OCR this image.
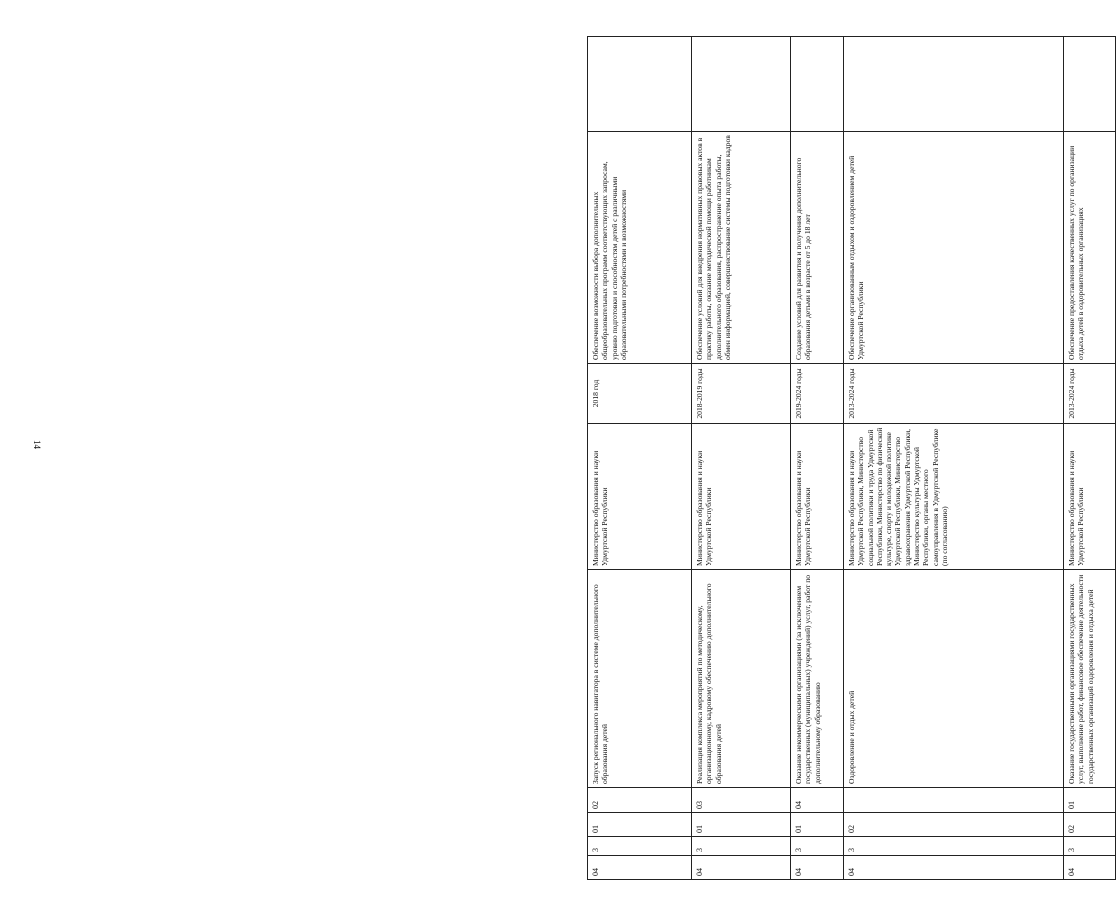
14
04	3	01	02	Запуск регионального навигатора в системе дополнительного образования детей	Министерство образования и науки Удмуртской Республики	2018 год	Обеспечение возможности выбора дополнительных общеобразовательных программ соответствующих запросам, уровню подготовки и способностям детей с различными образовательными потребностями и возможностями	
04	3	01	03	Реализация комплекса мероприятий по методическому, организационному, кадровому обеспечению дополнительного образования детей	Министерство образования и науки Удмуртской Республики	2018-2019 годы	Обеспечение условий для внедрения нормативных правовых актов в практику работы, оказание методической помощи работникам дополнительного образования, распространение опыта работы, обмен информацией, совершенствование системы подготовки кадров	
04	3	01	04	Оказание некоммерческими организациями (за исключением государственных (муниципальных) учреждений) услуг, работ по дополнительному образованию	Министерство образования и науки Удмуртской Республики	2019-2024 годы	Создание условий для развития и получения дополнительного образования детьми в возрасте от 5 до 18 лет	
04	3	02		Оздоровление и отдых детей	Министерство образования и науки Удмуртской Республики, Министерство социальной политики и труда Удмуртской Республики, Министерство по физической культуре, спорту и молодежной политике Удмуртской Республики, Министерство здравоохранения Удмуртской Республики, Министерство культуры Удмуртской Республики, органы местного самоуправления в Удмуртской Республике (по согласованию)	2013-2024 годы	Обеспечение организованным отдыхом и оздоровлением детей Удмуртской Республики	
04	3	02	01	Оказание государственными организациями государственных услуг, выполнение работ, финансовое обеспечение деятельности государственных организаций оздоровления и отдыха детей	Министерство образования и науки Удмуртской Республики	2013-2024 годы	Обеспечение предоставления качественных услуг по организации отдыха детей в оздоровительных организациях	
